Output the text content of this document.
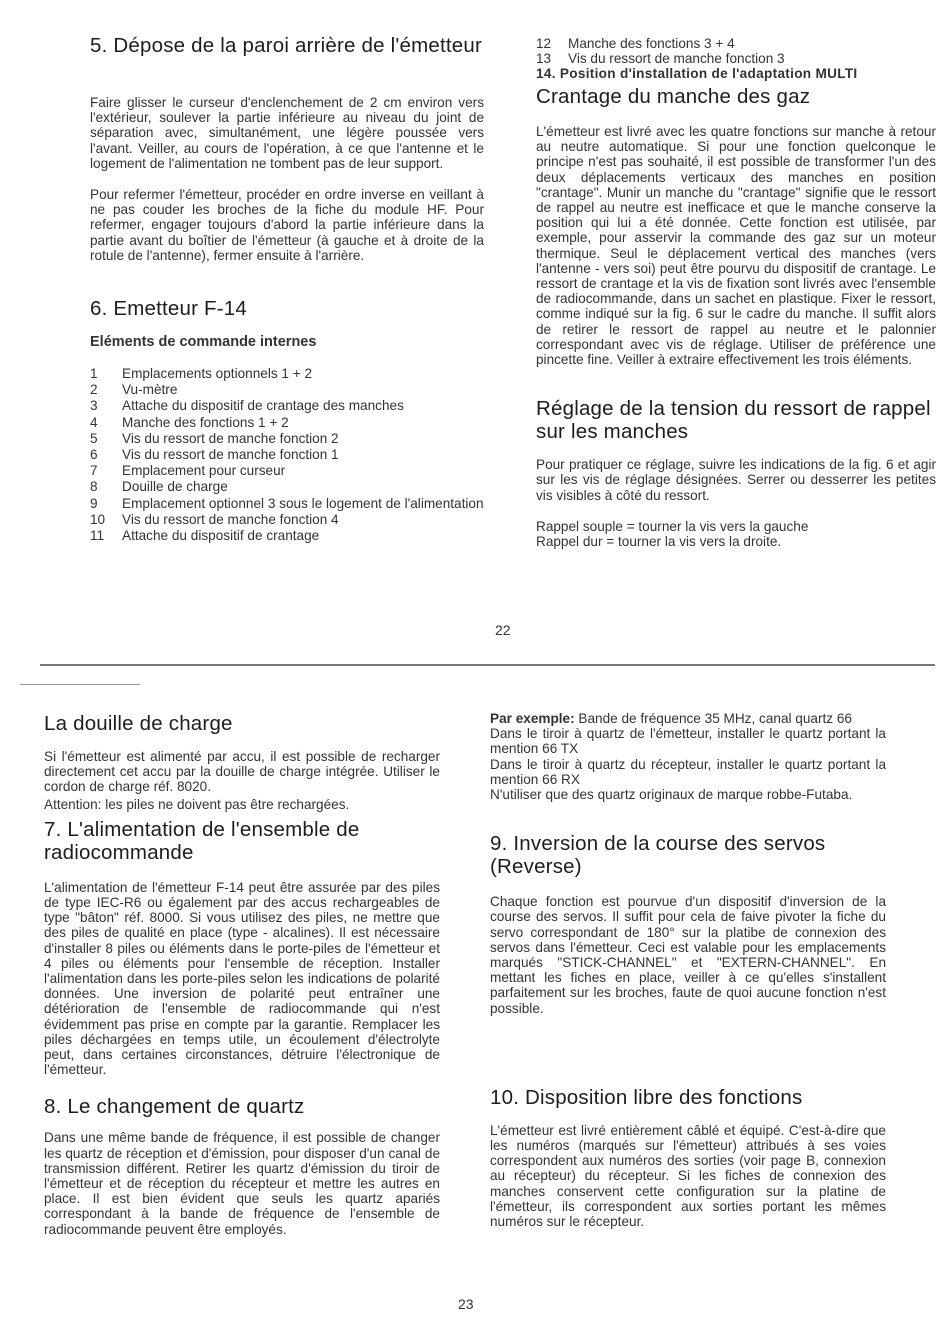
5. Dépose de la paroi arrière de l'émetteur

Faire glisser le curseur d'enclenchement de 2 cm environ vers l'extérieur, soulever la partie inférieure au niveau du joint de séparation avec, simultanément, une légère poussée vers l'avant. Veiller, au cours de l'opération, à ce que l'antenne et le logement de l'alimentation ne tombent pas de leur support.

Pour refermer l'émetteur, procéder en ordre inverse en veillant à ne pas couder les broches de la fiche du module HF. Pour refermer, engager toujours d'abord la partie inférieure dans la partie avant du boîtier de l'émetteur (à gauche et à droite de la rotule de l'antenne), fermer ensuite à l'arrière.

6. Emetteur F-14
Eléments de commande internes
1	Emplacements optionnels 1 + 2
2	Vu-mètre
3	Attache du dispositif de crantage des manches
4	Manche des fonctions 1 + 2
5	Vis du ressort de manche fonction 2
6	Vis du ressort de manche fonction 1
7	Emplacement pour curseur
8	Douille de charge
9	Emplacement optionnel 3 sous le logement de l'alimentation
10	Vis du ressort de manche fonction 4
11	Attache du dispositif de crantage
12	Manche des fonctions 3 + 4
13	Vis du ressort de manche fonction 3
14. Position d'installation de l'adaptation MULTI
Crantage du manche des gaz

L'émetteur est livré avec les quatre fonctions sur manche à retour au neutre automatique. Si pour une fonction quelconque le principe n'est pas souhaité, il est possible de transformer l'un des deux déplacements verticaux des manches en position "crantage". Munir un manche du "crantage" signifie que le ressort de rappel au neutre est inefficace et que le manche conserve la position qui lui a été donnée. Cette fonction est utilisée, par exemple, pour asservir la commande des gaz sur un moteur thermique. Seul le déplacement vertical des manches (vers l'antenne - vers soi) peut être pourvu du dispositif de crantage. Le ressort de crantage et la vis de fixation sont livrés avec l'ensemble de radiocommande, dans un sachet en plastique. Fixer le ressort, comme indiqué sur la fig. 6 sur le cadre du manche. Il suffit alors de retirer le ressort de rappel au neutre et le palonnier correspondant avec vis de réglage. Utiliser de préférence une pincette fine. Veiller à extraire effectivement les trois éléments.

Réglage de la tension du ressort de rappel sur les manches

Pour pratiquer ce réglage, suivre les indications de la fig. 6 et agir sur les vis de réglage désignées. Serrer ou desserrer les petites vis visibles à côté du ressort.

Rappel souple = tourner la vis vers la gauche

Rappel dur = tourner la vis vers la droite.

22
La douille de charge

Si l'émetteur est alimenté par accu, il est possible de recharger directement cet accu par la douille de charge intégrée. Utiliser le cordon de charge réf. 8020.

Attention: les piles ne doivent pas être rechargées.

7. L'alimentation de l'ensemble de radiocommande

L'alimentation de l'émetteur F-14 peut être assurée par des piles de type IEC-R6 ou également par des accus rechargeables de type "bâton" réf. 8000. Si vous utilisez des piles, ne mettre que des piles de qualité en place (type - alcalines). Il est nécessaire d'installer 8 piles ou éléments dans le porte-piles de l'émetteur et 4 piles ou éléments pour l'ensemble de réception. Installer l'alimentation dans les porte-piles selon les indications de polarité données. Une inversion de polarité peut entraîner une détérioration de l'ensemble de radiocommande qui n'est évidemment pas prise en compte par la garantie. Remplacer les piles déchargées en temps utile, un écoulement d'électrolyte peut, dans certaines circonstances, détruire l'électronique de l'émetteur.

8. Le changement de quartz

Dans une même bande de fréquence, il est possible de changer les quartz de réception et d'émission, pour disposer d'un canal de transmission différent. Retirer les quartz d'émission du tiroir de l'émetteur et de réception du récepteur et mettre les autres en place. Il est bien évident que seuls les quartz apariés correspondant à la bande de fréquence de l'ensemble de radiocommande peuvent être employés.

Par exemple: Bande de fréquence 35 MHz, canal quartz 66

Dans le tiroir à quartz de l'émetteur, installer le quartz portant la mention 66 TX

Dans le tiroir à quartz du récepteur, installer le quartz portant la mention 66 RX

N'utiliser que des quartz originaux de marque robbe-Futaba.

9. Inversion de la course des servos (Reverse)

Chaque fonction est pourvue d'un dispositif d'inversion de la course des servos. Il suffit pour cela de faive pivoter la fiche du servo correspondant de 180° sur la platibe de connexion des servos dans l'émetteur. Ceci est valable pour les emplacements marqués "STICK-CHANNEL" et "EXTERN-CHANNEL". En mettant les fiches en place, veiller à ce qu'elles s'installent parfaitement sur les broches, faute de quoi aucune fonction n'est possible.

10. Disposition libre des fonctions

L'émetteur est livré entièrement câblé et équipé. C'est-à-dire que les numéros (marqués sur l'émetteur) attribués à ses voies correspondent aux numéros des sorties (voir page B, connexion au récepteur) du récepteur. Si les fiches de connexion des manches conservent cette configuration sur la platine de l'émetteur, ils correspondent aux sorties portant les mêmes numéros sur le récepteur.

23
